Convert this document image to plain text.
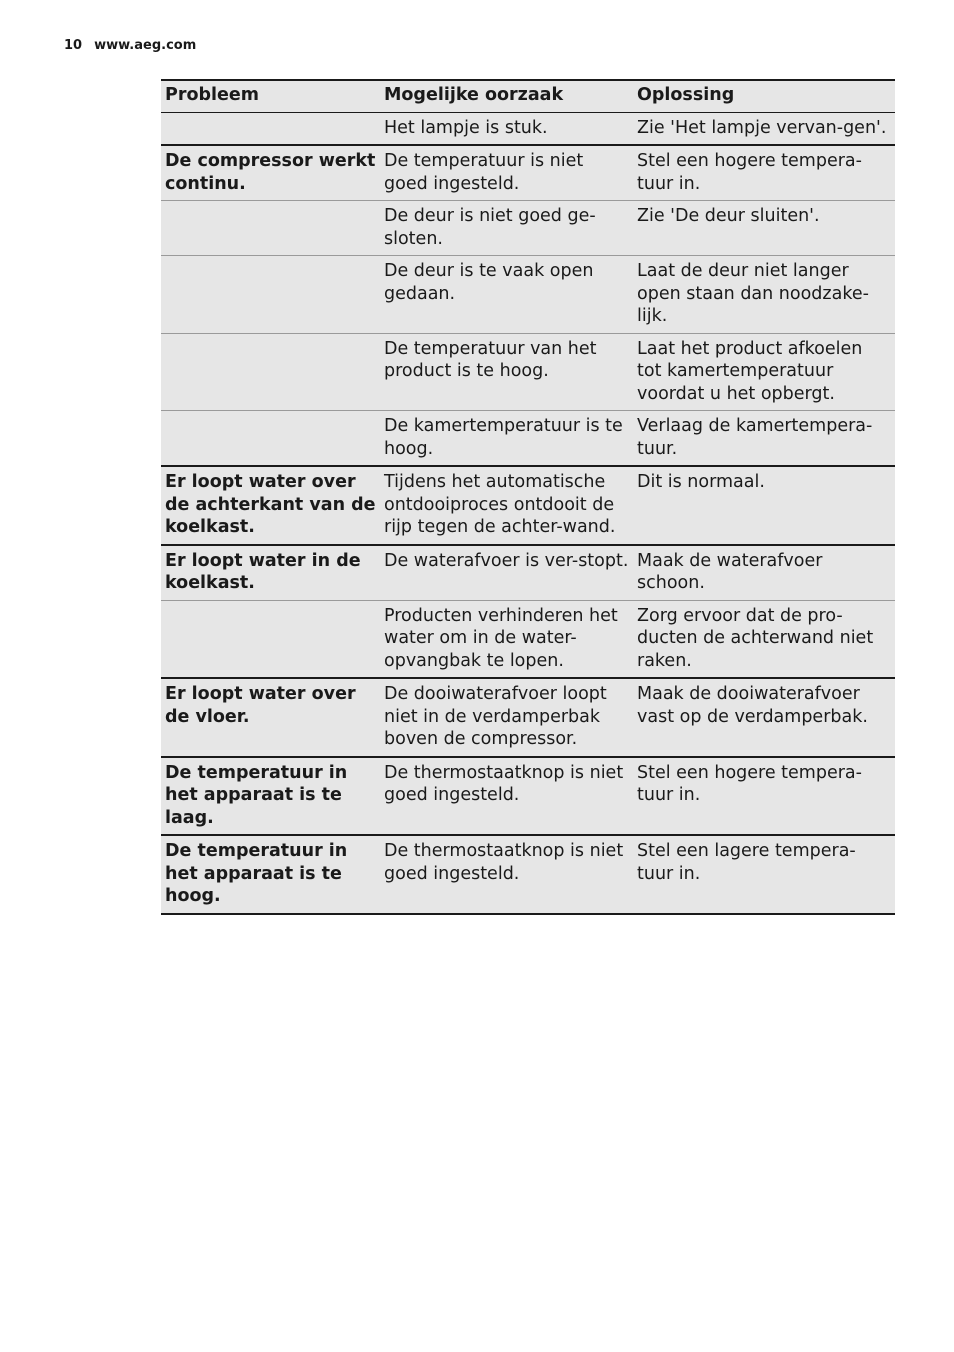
10 www.aeg.com
Probleem	Mogelijke oorzaak	Oplossing
	Het lampje is stuk.	Zie 'Het lampje vervan-gen'.
De compressor werkt continu.	De temperatuur is niet goed ingesteld.	Stel een hogere tempera-tuur in.
	De deur is niet goed ge-sloten.	Zie 'De deur sluiten'.
	De deur is te vaak open gedaan.	Laat de deur niet langer open staan dan noodzake-lijk.
	De temperatuur van het product is te hoog.	Laat het product afkoelen tot kamertemperatuur voordat u het opbergt.
	De kamertemperatuur is te hoog.	Verlaag de kamertempera-tuur.
Er loopt water over de achterkant van de koelkast.	Tijdens het automatische ontdooiproces ontdooit de rijp tegen de achter-wand.	Dit is normaal.
Er loopt water in de koelkast.	De waterafvoer is ver-stopt.	Maak de waterafvoer schoon.
	Producten verhinderen het water om in de water-opvangbak te lopen.	Zorg ervoor dat de pro-ducten de achterwand niet raken.
Er loopt water over de vloer.	De dooiwaterafvoer loopt niet in de verdamperbak boven de compressor.	Maak de dooiwaterafvoer vast op de verdamperbak.
De temperatuur in het apparaat is te laag.	De thermostaatknop is niet goed ingesteld.	Stel een hogere tempera-tuur in.
De temperatuur in het apparaat is te hoog.	De thermostaatknop is niet goed ingesteld.	Stel een lagere tempera-tuur in.
